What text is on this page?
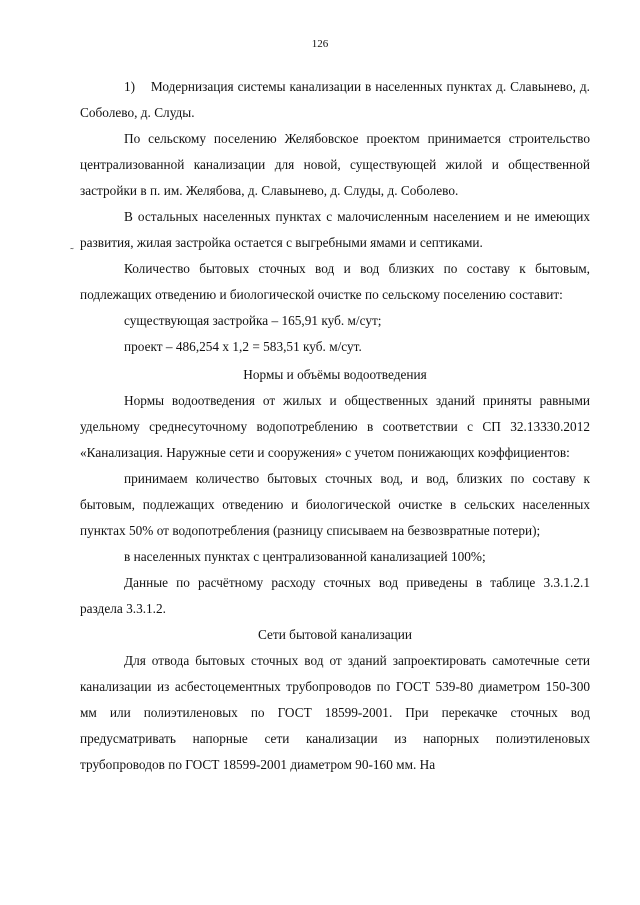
126
˜

1)    Модернизация системы канализации в населенных пунктах д. Славынево, д. Соболево, д. Слуды.

По сельскому поселению Желябовское проектом принимается строительство централизованной канализации для новой, существующей жилой и общественной застройки в п. им. Желябова, д. Славынево, д. Слуды, д. Соболево.

В остальных населенных пунктах с малочисленным населением и не имеющих развития, жилая застройка остается с выгребными ямами и септиками.

Количество бытовых сточных вод и вод близких по составу к бытовым, подлежащих отведению и биологической очистке по сельскому поселению составит:

существующая застройка – 165,91 куб. м/сут;

проект – 486,254 x 1,2 = 583,51 куб. м/сут.

Нормы и объёмы водоотведения

Нормы водоотведения от жилых и общественных зданий приняты равными удельному среднесуточному водопотреблению в соответствии с СП 32.13330.2012 «Канализация. Наружные сети и сооружения» с учетом понижающих коэффициентов:

принимаем количество бытовых сточных вод, и вод, близких по составу к бытовым, подлежащих отведению и биологической очистке в сельских населенных пунктах 50% от водопотребления (разницу списываем на безвозвратные потери);

в населенных пунктах с централизованной канализацией 100%;

Данные по расчётному расходу сточных вод приведены в таблице 3.3.1.2.1 раздела 3.3.1.2.

Сети бытовой канализации

Для отвода бытовых сточных вод от зданий запроектировать самотечные сети канализации из асбестоцементных трубопроводов по ГОСТ 539-80 диаметром 150-300 мм или полиэтиленовых по ГОСТ 18599-2001. При перекачке сточных вод предусматривать напорные сети канализации из напорных полиэтиленовых трубопроводов по ГОСТ 18599-2001 диаметром 90-160 мм. На
